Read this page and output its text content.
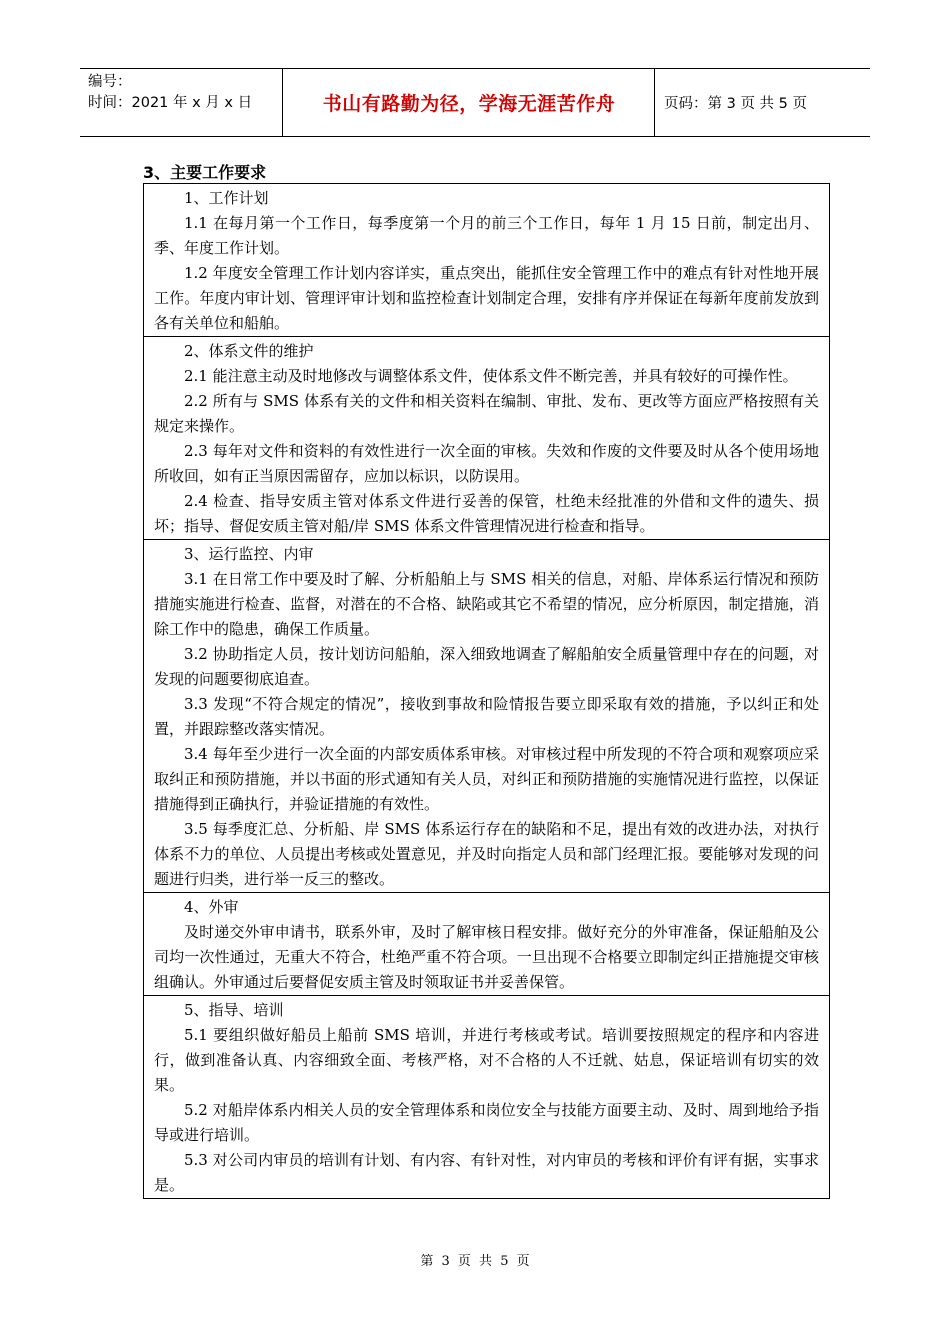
编号：
时间：2021 年 x 月 x 日	书山有路勤为径，学海无涯苦作舟	页码：第 3 页 共 5 页
3、主要工作要求

1、工作计划

1.1 在每月第一个工作日，每季度第一个月的前三个工作日，每年 1 月 15 日前，制定出月、季、年度工作计划。

1.2 年度安全管理工作计划内容详实，重点突出，能抓住安全管理工作中的难点有针对性地开展工作。年度内审计划、管理评审计划和监控检查计划制定合理，安排有序并保证在每新年度前发放到各有关单位和船舶。

2、体系文件的维护

2.1 能注意主动及时地修改与调整体系文件，使体系文件不断完善，并具有较好的可操作性。

2.2 所有与 SMS 体系有关的文件和相关资料在编制、审批、发布、更改等方面应严格按照有关规定来操作。

2.3 每年对文件和资料的有效性进行一次全面的审核。失效和作废的文件要及时从各个使用场地所收回，如有正当原因需留存，应加以标识，以防误用。

2.4 检查、指导安质主管对体系文件进行妥善的保管，杜绝未经批准的外借和文件的遗失、损坏；指导、督促安质主管对船/岸 SMS 体系文件管理情况进行检查和指导。

3、运行监控、内审

3.1 在日常工作中要及时了解、分析船舶上与 SMS 相关的信息，对船、岸体系运行情况和预防措施实施进行检查、监督，对潜在的不合格、缺陷或其它不希望的情况，应分析原因，制定措施，消除工作中的隐患，确保工作质量。

3.2 协助指定人员，按计划访问船舶，深入细致地调查了解船舶安全质量管理中存在的问题，对发现的问题要彻底追查。

3.3 发现“不符合规定的情况”，接收到事故和险情报告要立即采取有效的措施，予以纠正和处置，并跟踪整改落实情况。

3.4 每年至少进行一次全面的内部安质体系审核。对审核过程中所发现的不符合项和观察项应采取纠正和预防措施，并以书面的形式通知有关人员，对纠正和预防措施的实施情况进行监控，以保证措施得到正确执行，并验证措施的有效性。

3.5 每季度汇总、分析船、岸 SMS 体系运行存在的缺陷和不足，提出有效的改进办法，对执行体系不力的单位、人员提出考核或处置意见，并及时向指定人员和部门经理汇报。要能够对发现的问题进行归类，进行举一反三的整改。

4、外审

及时递交外审申请书，联系外审，及时了解审核日程安排。做好充分的外审准备，保证船舶及公司均一次性通过，无重大不符合，杜绝严重不符合项。一旦出现不合格要立即制定纠正措施提交审核组确认。外审通过后要督促安质主管及时领取证书并妥善保管。

5、指导、培训

5.1 要组织做好船员上船前 SMS 培训，并进行考核或考试。培训要按照规定的程序和内容进行，做到准备认真、内容细致全面、考核严格，对不合格的人不迁就、姑息，保证培训有切实的效果。

5.2 对船岸体系内相关人员的安全管理体系和岗位安全与技能方面要主动、及时、周到地给予指导或进行培训。

5.3 对公司内审员的培训有计划、有内容、有针对性，对内审员的考核和评价有评有据，实事求是。

第 3 页 共 5 页
